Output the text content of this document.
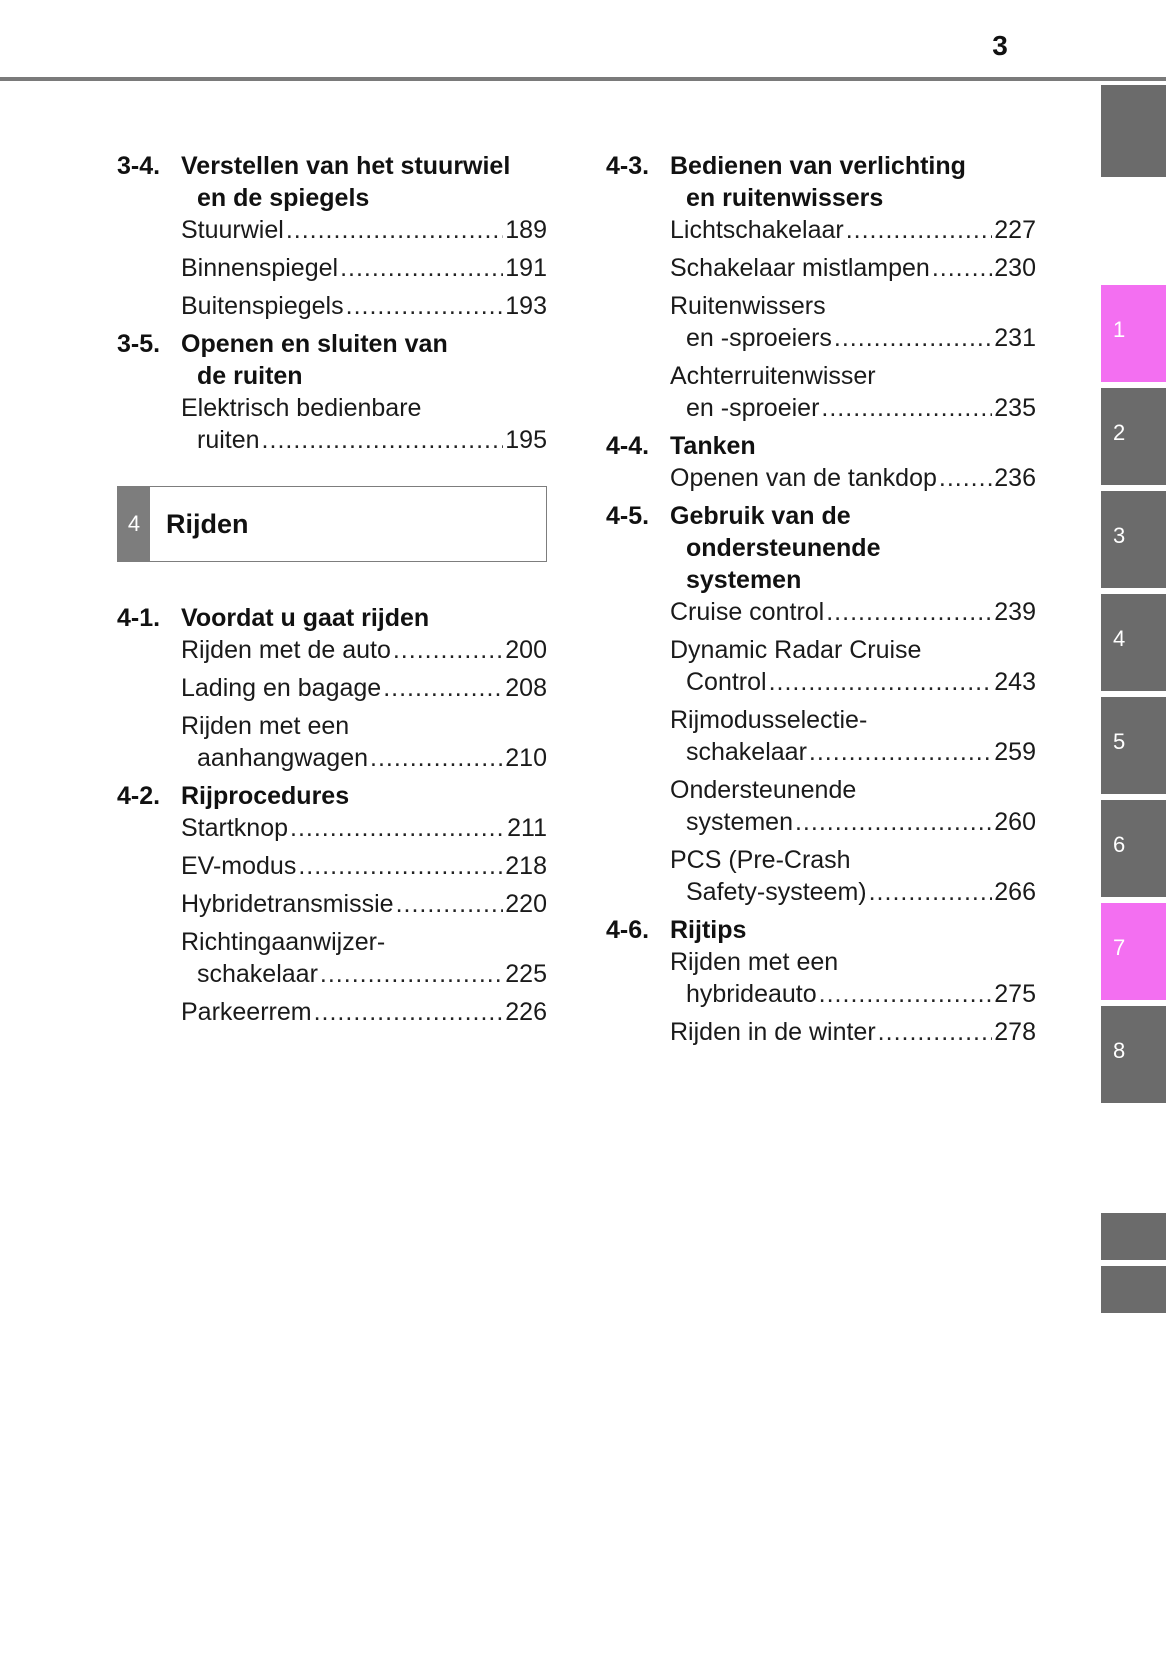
3
3-4. Verstellen van het stuurwiel
en de spiegels
Stuurwiel .....	189
Binnenspiegel .....	191
Buitenspiegels .....	193
3-5. Openen en sluiten van
de ruiten
Elektrisch bedienbare
ruiten .....	195
4 Rijden
4-1. Voordat u gaat rijden
Rijden met de auto .....	200
Lading en bagage .....	208
Rijden met een
aanhangwagen .....	210
4-2. Rijprocedures
Startknop .....	211
EV-modus .....	218
Hybridetransmissie .....	220
Richtingaanwijzer-
schakelaar .....	225
Parkeerrem .....	226
4-3. Bedienen van verlichting
en ruitenwissers
Lichtschakelaar .....	227
Schakelaar mistlampen .....	230
Ruitenwissers
en -sproeiers .....	231
Achterruitenwisser
en -sproeier .....	235
4-4. Tanken
Openen van de tankdop ..... 236
4-5. Gebruik van de
ondersteunende
systemen
Cruise control .....	239
Dynamic Radar Cruise
Control .....	243
Rijmodusselectie-
schakelaar .....	259
Ondersteunende
systemen .....	260
PCS (Pre-Crash
Safety-systeem) .....	266
4-6. Rijtips
Rijden met een
hybrideauto .....	275
Rijden in de winter .....	278
1
2
3
4
5
6
7
8
